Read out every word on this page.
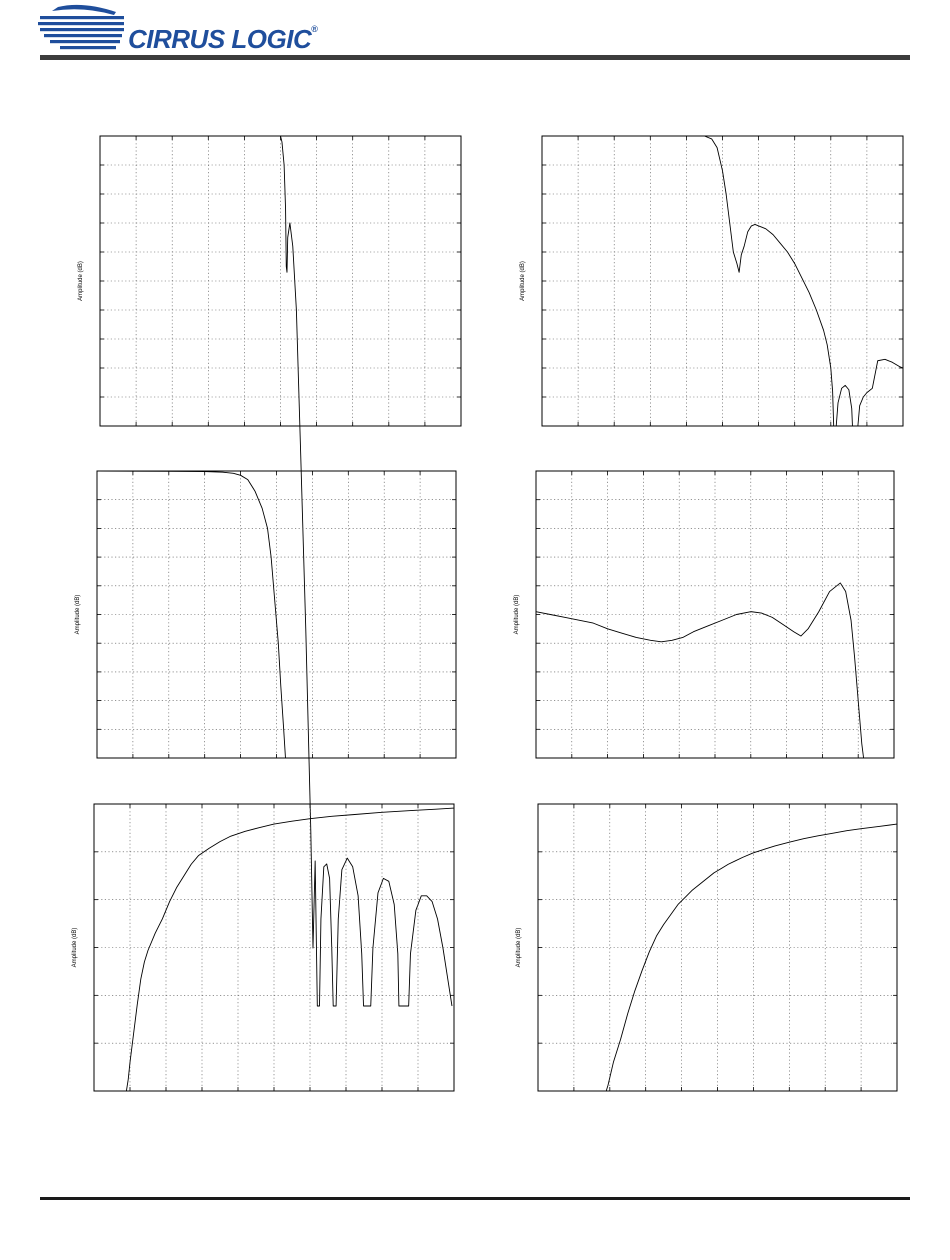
CIRRUS LOGIC®
Amplitude (dB)	Amplitude (dB)
Amplitude (dB)	Amplitude (dB)
Amplitude (dB)	Amplitude (dB)
